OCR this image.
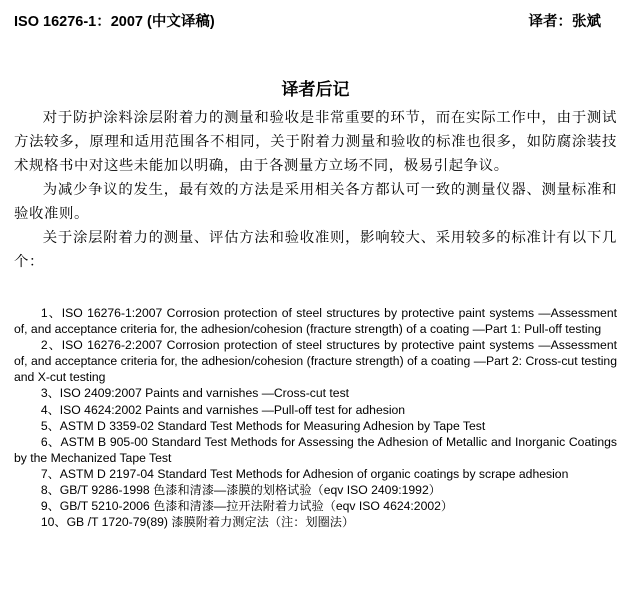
ISO 16276-1：2007 (中文译稿)	译者：张斌
译者后记

对于防护涂料涂层附着力的测量和验收是非常重要的环节，而在实际工作中，由于测试方法较多，原理和适用范围各不相同，关于附着力测量和验收的标准也很多，如防腐涂装技术规格书中对这些未能加以明确，由于各测量方立场不同，极易引起争议。

为减少争议的发生，最有效的方法是采用相关各方都认可一致的测量仪器、测量标准和验收准则。

关于涂层附着力的测量、评估方法和验收准则，影响较大、采用较多的标准计有以下几个：

1、ISO 16276-1:2007 Corrosion protection of steel structures by protective paint systems —Assessment of, and acceptance criteria for, the adhesion/cohesion (fracture strength) of a coating —Part 1: Pull-off testing

2、ISO 16276-2:2007 Corrosion protection of steel structures by protective paint systems —Assessment of, and acceptance criteria for, the adhesion/cohesion (fracture strength) of a coating —Part 2: Cross-cut testing and X-cut testing

3、ISO 2409:2007 Paints and varnishes —Cross-cut test

4、ISO 4624:2002 Paints and varnishes —Pull-off test for adhesion

5、ASTM D 3359-02 Standard Test Methods for Measuring Adhesion by Tape Test

6、ASTM B 905-00 Standard Test Methods for Assessing the Adhesion of Metallic and Inorganic Coatings by the Mechanized Tape Test

7、ASTM D 2197-04 Standard Test Methods for Adhesion of organic coatings by scrape adhesion

8、GB/T 9286-1998 色漆和清漆—漆膜的划格试验（eqv ISO 2409:1992）

9、GB/T 5210-2006 色漆和清漆—拉开法附着力试验（eqv ISO 4624:2002）

10、GB /T 1720-79(89) 漆膜附着力测定法（注：划圈法）
